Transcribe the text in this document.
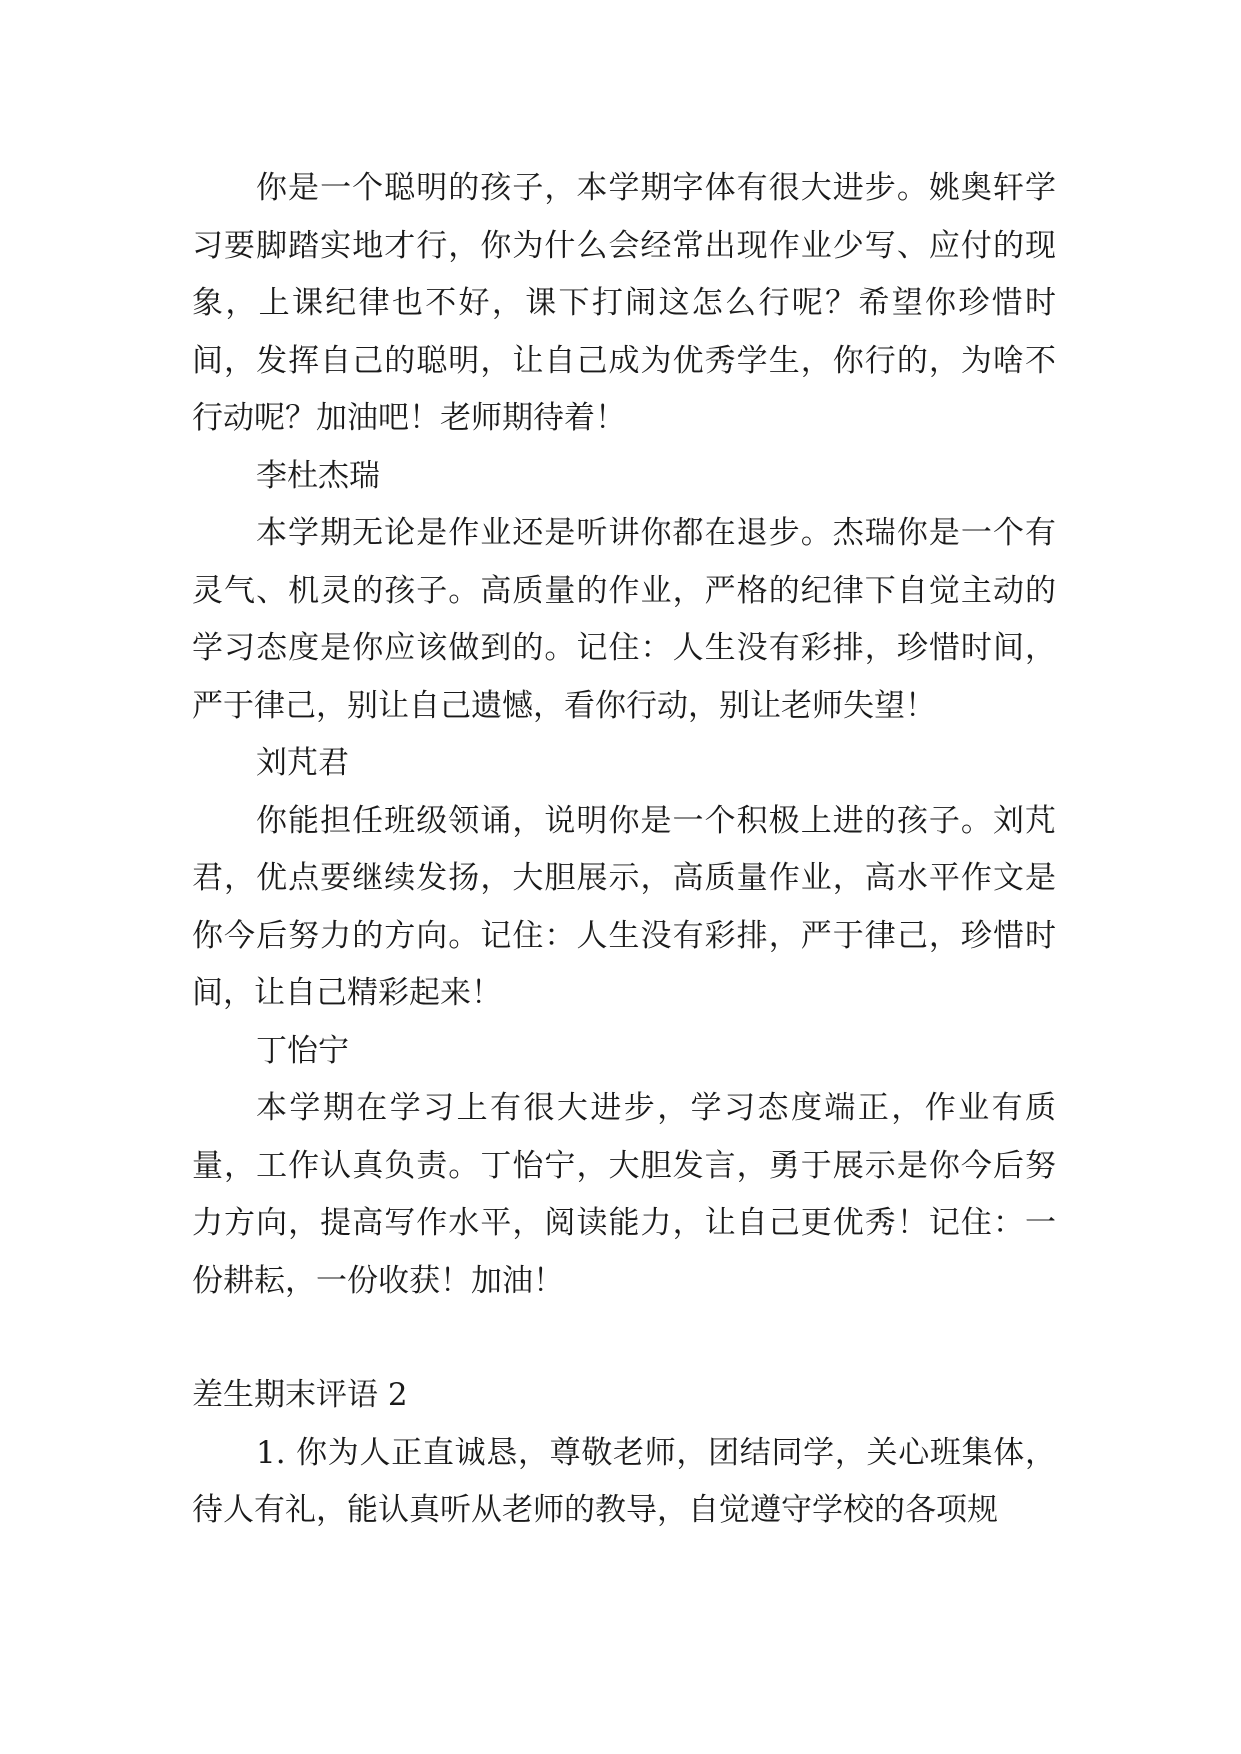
你是一个聪明的孩子，本学期字体有很大进步。姚奥轩学习要脚踏实地才行，你为什么会经常出现作业少写、应付的现象，上课纪律也不好，课下打闹这怎么行呢？希望你珍惜时间，发挥自己的聪明，让自己成为优秀学生，你行的，为啥不行动呢？加油吧！老师期待着！

李杜杰瑞

本学期无论是作业还是听讲你都在退步。杰瑞你是一个有灵气、机灵的孩子。高质量的作业，严格的纪律下自觉主动的学习态度是你应该做到的。记住：人生没有彩排，珍惜时间，严于律己，别让自己遗憾，看你行动，别让老师失望！

刘芃君

你能担任班级领诵，说明你是一个积极上进的孩子。刘芃君，优点要继续发扬，大胆展示，高质量作业，高水平作文是你今后努力的方向。记住：人生没有彩排，严于律己，珍惜时间，让自己精彩起来！

丁怡宁

本学期在学习上有很大进步，学习态度端正，作业有质量，工作认真负责。丁怡宁，大胆发言，勇于展示是你今后努力方向，提高写作水平，阅读能力，让自己更优秀！记住：一份耕耘，一份收获！加油！

差生期末评语 2

1. 你为人正直诚恳，尊敬老师，团结同学，关心班集体，待人有礼，能认真听从老师的教导，自觉遵守学校的各项规
